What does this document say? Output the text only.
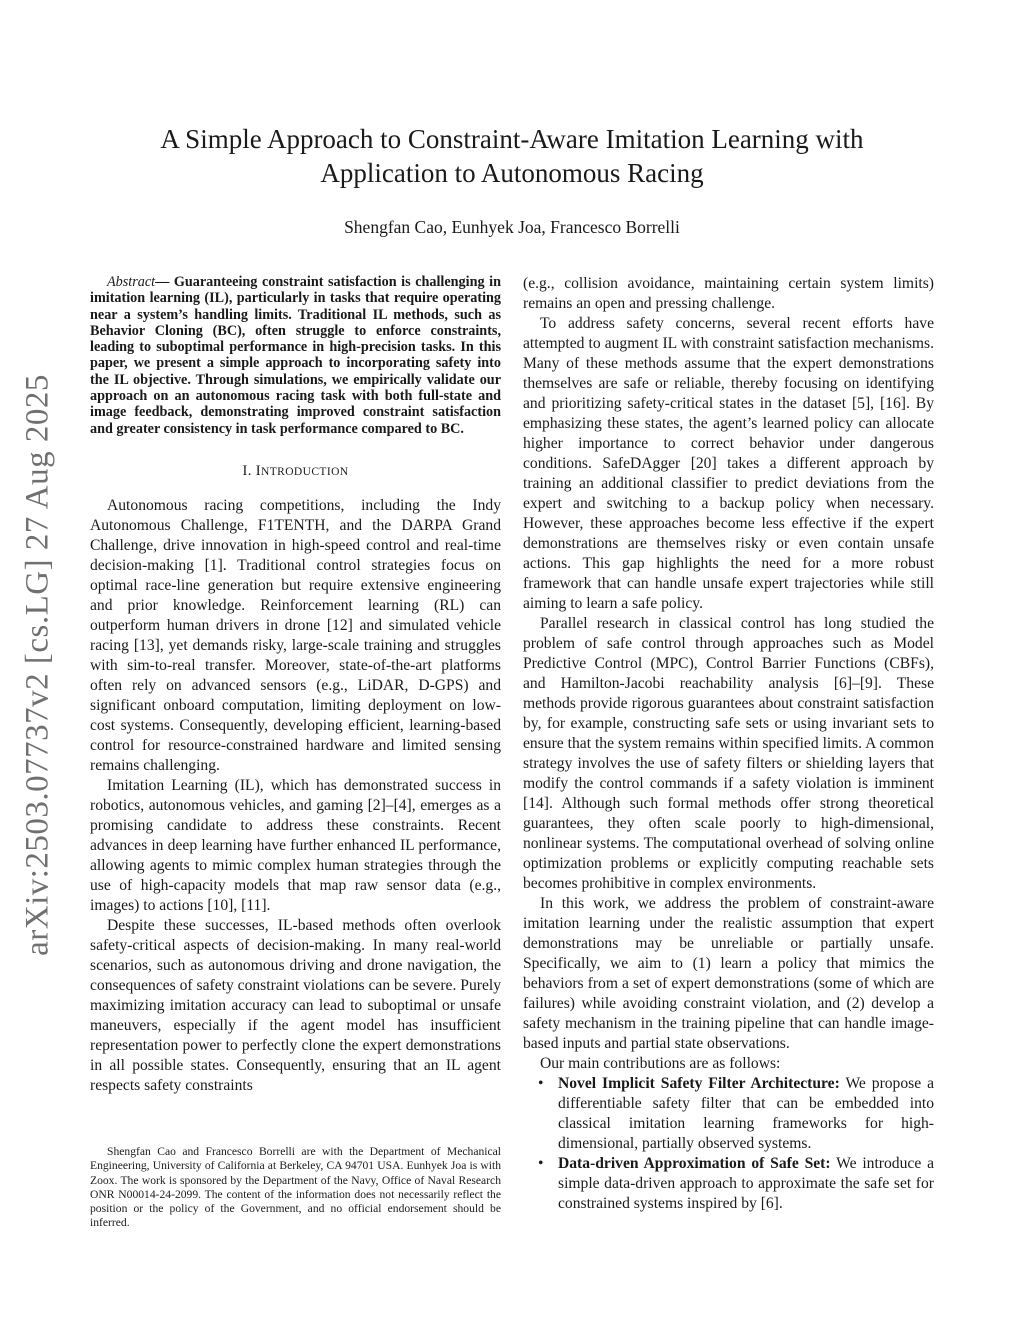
arXiv:2503.07737v2 [cs.LG] 27 Aug 2025
A Simple Approach to Constraint-Aware Imitation Learning with
Application to Autonomous Racing
Shengfan Cao, Eunhyek Joa, Francesco Borrelli

Abstract— Guaranteeing constraint satisfaction is challenging in imitation learning (IL), particularly in tasks that require operating near a system’s handling limits. Traditional IL methods, such as Behavior Cloning (BC), often struggle to enforce constraints, leading to suboptimal performance in high-precision tasks. In this paper, we present a simple approach to incorporating safety into the IL objective. Through simulations, we empirically validate our approach on an autonomous racing task with both full-state and image feedback, demonstrating improved constraint satisfaction and greater consistency in task performance compared to BC.

I. INTRODUCTION

Autonomous racing competitions, including the Indy Autonomous Challenge, F1TENTH, and the DARPA Grand Challenge, drive innovation in high-speed control and real-time decision-making [1]. Traditional control strategies focus on optimal race-line generation but require extensive engineering and prior knowledge. Reinforcement learning (RL) can outperform human drivers in drone [12] and simulated vehicle racing [13], yet demands risky, large-scale training and struggles with sim-to-real transfer. Moreover, state-of-the-art platforms often rely on advanced sensors (e.g., LiDAR, D-GPS) and significant onboard computation, limiting deployment on low-cost systems. Consequently, developing efficient, learning-based control for resource-constrained hardware and limited sensing remains challenging.

Imitation Learning (IL), which has demonstrated success in robotics, autonomous vehicles, and gaming [2]–[4], emerges as a promising candidate to address these constraints. Recent advances in deep learning have further enhanced IL performance, allowing agents to mimic complex human strategies through the use of high-capacity models that map raw sensor data (e.g., images) to actions [10], [11].

Despite these successes, IL-based methods often overlook safety-critical aspects of decision-making. In many real-world scenarios, such as autonomous driving and drone navigation, the consequences of safety constraint violations can be severe. Purely maximizing imitation accuracy can lead to suboptimal or unsafe maneuvers, especially if the agent model has insufficient representation power to perfectly clone the expert demonstrations in all possible states. Consequently, ensuring that an IL agent respects safety constraints

Shengfan Cao and Francesco Borrelli are with the Department of Mechanical Engineering, University of California at Berkeley, CA 94701 USA. Eunhyek Joa is with Zoox. The work is sponsored by the Department of the Navy, Office of Naval Research ONR N00014-24-2099. The content of the information does not necessarily reflect the position or the policy of the Government, and no official endorsement should be inferred.

(e.g., collision avoidance, maintaining certain system limits) remains an open and pressing challenge.

To address safety concerns, several recent efforts have attempted to augment IL with constraint satisfaction mechanisms. Many of these methods assume that the expert demonstrations themselves are safe or reliable, thereby focusing on identifying and prioritizing safety-critical states in the dataset [5], [16]. By emphasizing these states, the agent’s learned policy can allocate higher importance to correct behavior under dangerous conditions. SafeDAgger [20] takes a different approach by training an additional classifier to predict deviations from the expert and switching to a backup policy when necessary. However, these approaches become less effective if the expert demonstrations are themselves risky or even contain unsafe actions. This gap highlights the need for a more robust framework that can handle unsafe expert trajectories while still aiming to learn a safe policy.

Parallel research in classical control has long studied the problem of safe control through approaches such as Model Predictive Control (MPC), Control Barrier Functions (CBFs), and Hamilton-Jacobi reachability analysis [6]–[9]. These methods provide rigorous guarantees about constraint satisfaction by, for example, constructing safe sets or using invariant sets to ensure that the system remains within specified limits. A common strategy involves the use of safety filters or shielding layers that modify the control commands if a safety violation is imminent [14]. Although such formal methods offer strong theoretical guarantees, they often scale poorly to high-dimensional, nonlinear systems. The computational overhead of solving online optimization problems or explicitly computing reachable sets becomes prohibitive in complex environments.

In this work, we address the problem of constraint-aware imitation learning under the realistic assumption that expert demonstrations may be unreliable or partially unsafe. Specifically, we aim to (1) learn a policy that mimics the behaviors from a set of expert demonstrations (some of which are failures) while avoiding constraint violation, and (2) develop a safety mechanism in the training pipeline that can handle image-based inputs and partial state observations.

Our main contributions are as follows:

• Novel Implicit Safety Filter Architecture: We propose a differentiable safety filter that can be embedded into classical imitation learning frameworks for high-dimensional, partially observed systems.
• Data-driven Approximation of Safe Set: We introduce a simple data-driven approach to approximate the safe set for constrained systems inspired by [6].
